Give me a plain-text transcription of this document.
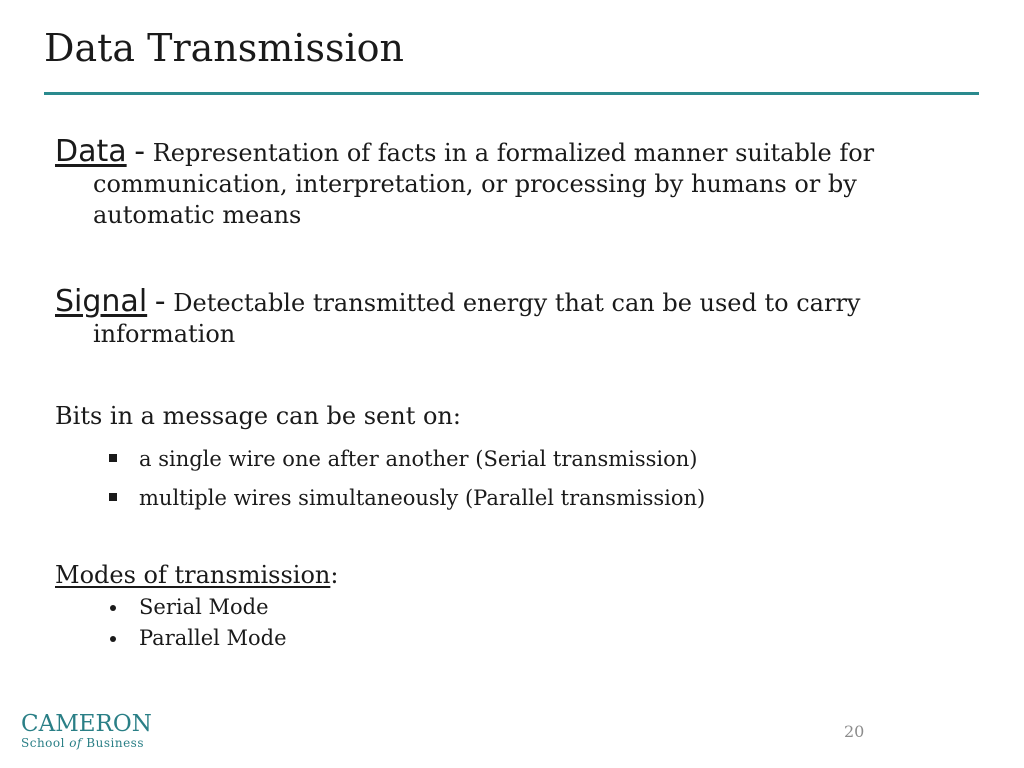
Data Transmission

Data - Representation of facts in a formalized manner suitable for communication, interpretation, or processing by humans or by automatic means

Signal - Detectable transmitted energy that can be used to carry information

Bits in a message can be sent on:

a single wire one after another (Serial transmission)
multiple wires simultaneously (Parallel transmission)

Modes of transmission:

Serial Mode
Parallel Mode
CAMERON
School of Business
20
